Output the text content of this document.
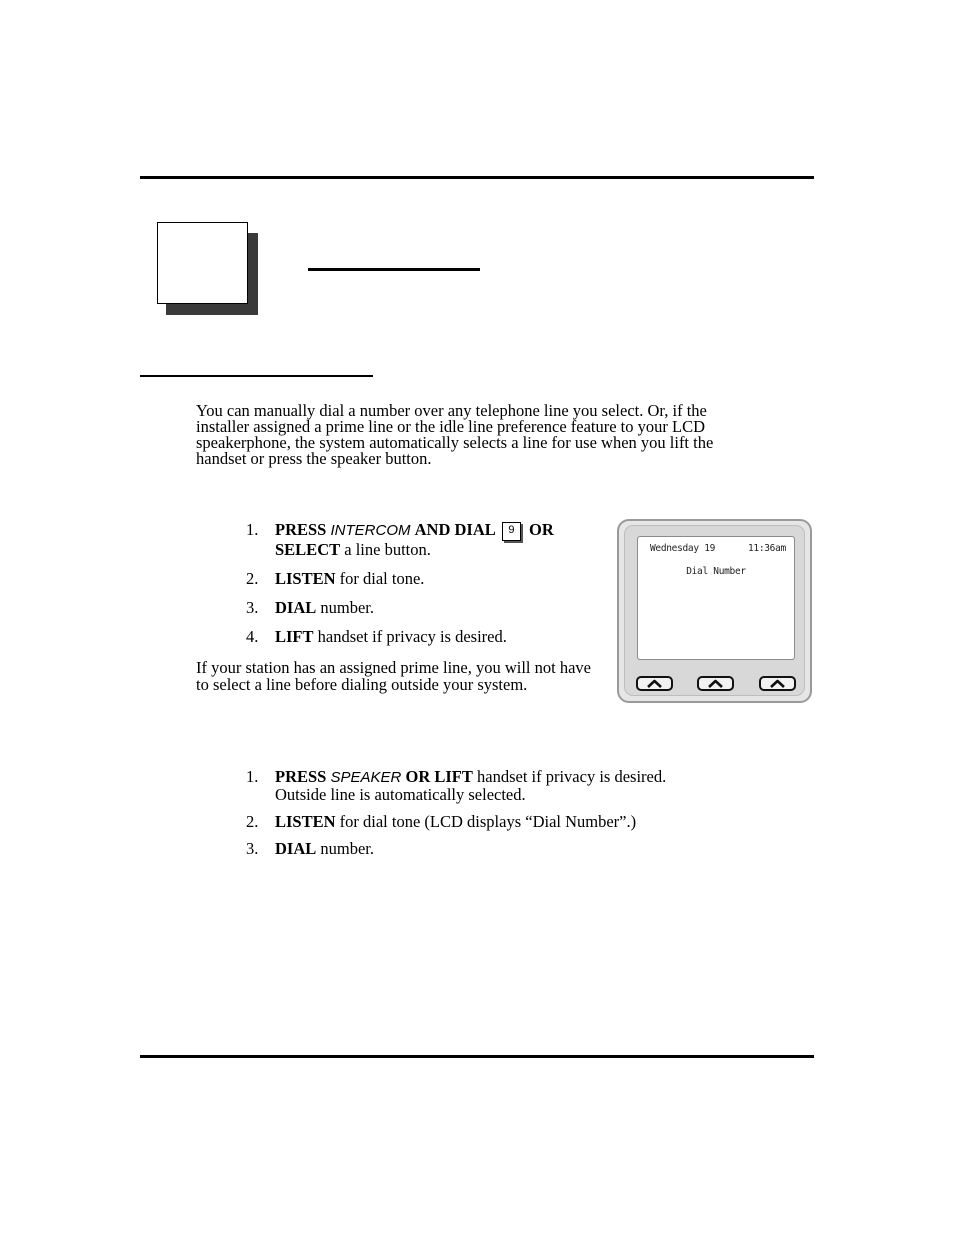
You can manually dial a number over any telephone line you select. Or, if the installer assigned a prime line or the idle line preference feature to your LCD speakerphone, the system automatically selects a line for use when you lift the handset or press the speaker button.

1. PRESS INTERCOM AND DIAL 9 OR
SELECT a line button.
2. LISTEN for dial tone.
3. DIAL number.
4. LIFT handset if privacy is desired.

If your station has an assigned prime line, you will not have to select a line before dialing outside your system.

Wednesday 19	11:36am
Dial Number
1. PRESS SPEAKER OR LIFT handset if privacy is desired.
Outside line is automatically selected.
2. LISTEN for dial tone (LCD displays “Dial Number”.)
3. DIAL number.
